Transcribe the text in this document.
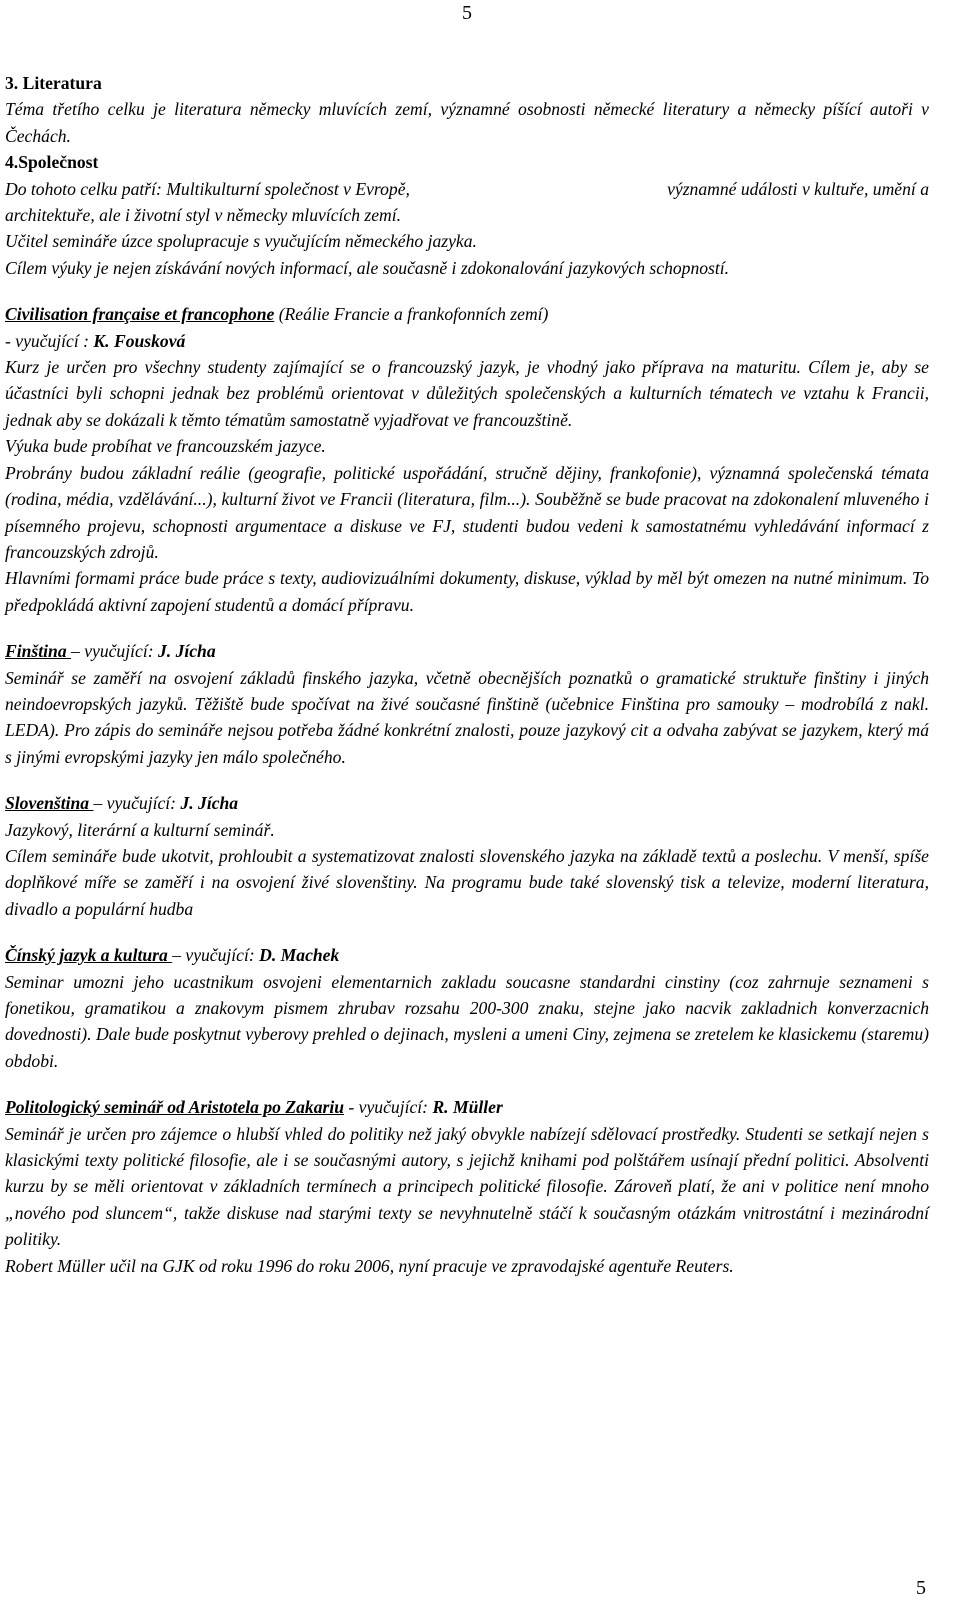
5

3. Literatura

Téma třetího celku je literatura německy mluvících zemí, významné osobnosti německé literatury a německy píšící autoři v Čechách.

4.Společnost

Do tohoto celku patří: Multikulturní společnost v Evropě,	významné události v kultuře, umění a

architektuře, ale i životní styl v německy mluvících zemí.

Učitel semináře úzce spolupracuje s vyučujícím německého jazyka.

Cílem výuky je nejen získávání nových informací, ale současně i zdokonalování jazykových schopností.

Civilisation française et francophone (Reálie Francie a frankofonních zemí)

- vyučující : K. Fousková

Kurz je určen pro všechny studenty zajímající se o francouzský jazyk, je vhodný jako příprava na maturitu. Cílem je, aby se účastníci byli schopni jednak bez problémů orientovat v důležitých společenských a kulturních tématech ve vztahu k Francii, jednak aby se dokázali k těmto tématům samostatně vyjadřovat ve francouzštině.

Výuka bude probíhat ve francouzském jazyce.

Probrány budou základní reálie (geografie, politické uspořádání, stručně dějiny, frankofonie), významná společenská témata (rodina, média, vzdělávání...), kulturní život ve Francii (literatura, film...). Souběžně se bude pracovat na zdokonalení mluveného i písemného projevu, schopnosti argumentace a diskuse ve FJ, studenti budou vedeni k samostatnému vyhledávání informací z francouzských zdrojů.

Hlavními formami práce bude práce s texty, audiovizuálními dokumenty, diskuse, výklad by měl být omezen na nutné minimum. To předpokládá aktivní zapojení studentů a domácí přípravu.

Finština – vyučující: J. Jícha

Seminář se zaměří na osvojení základů finského jazyka, včetně obecnějších poznatků o gramatické struktuře finštiny i jiných neindoevropských jazyků. Těžiště bude spočívat na živé současné finštině (učebnice Finština pro samouky – modrobílá z nakl. LEDA). Pro zápis do semináře nejsou potřeba žádné konkrétní znalosti, pouze jazykový cit a odvaha zabývat se jazykem, který má s jinými evropskými jazyky jen málo společného.

Slovenština – vyučující: J. Jícha

Jazykový, literární a kulturní seminář.

Cílem semináře bude ukotvit, prohloubit a systematizovat znalosti slovenského jazyka na základě textů a poslechu. V menší, spíše doplňkové míře se zaměří i na osvojení živé slovenštiny. Na programu bude také slovenský tisk a televize, moderní literatura, divadlo a populární hudba

Čínský jazyk a kultura – vyučující: D. Machek

Seminar umozni jeho ucastnikum osvojeni elementarnich zakladu soucasne standardni cinstiny (coz zahrnuje seznameni s fonetikou, gramatikou a znakovym pismem zhrubav rozsahu 200-300 znaku, stejne jako nacvik zakladnich konverzacnich dovednosti). Dale bude poskytnut vyberovy prehled o dejinach, mysleni a umeni Ciny, zejmena se zretelem ke klasickemu (staremu) obdobi.

Politologický seminář od Aristotela po Zakariu - vyučující: R. Müller

Seminář je určen pro zájemce o hlubší vhled do politiky než jaký obvykle nabízejí sdělovací prostředky. Studenti se setkají nejen s klasickými texty politické filosofie, ale i se současnými autory, s jejichž knihami pod polštářem usínají přední politici. Absolventi kurzu by se měli orientovat v základních termínech a principech politické filosofie. Zároveň platí, že ani v politice není mnoho „nového pod sluncem“, takže diskuse nad starými texty se nevyhnutelně stáčí k současným otázkám vnitrostátní i mezinárodní politiky.

Robert Müller učil na GJK od roku 1996 do roku 2006, nyní pracuje ve zpravodajské agentuře Reuters.

5
